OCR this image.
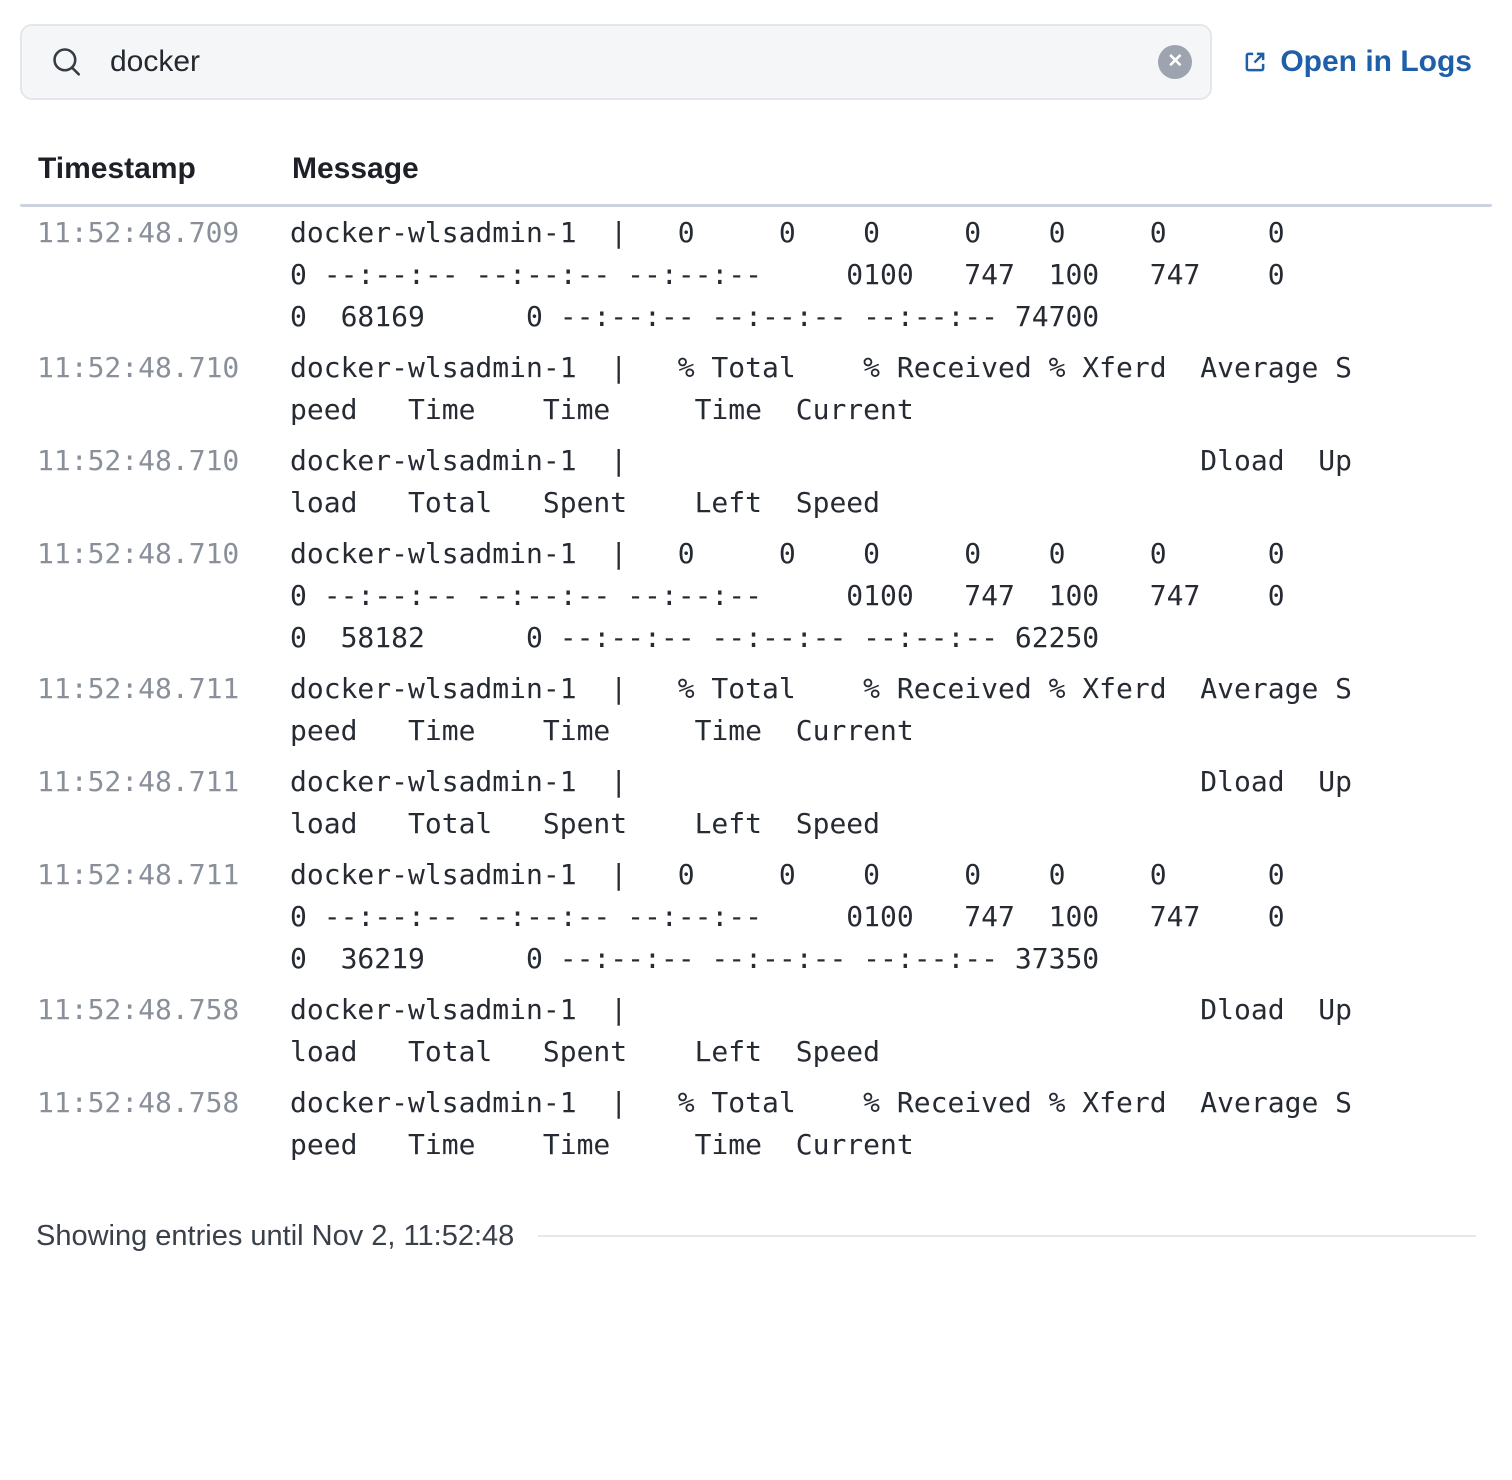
docker
✕	Open in Logs
Timestamp	Message
11:52:48.709	docker-wlsadmin-1  |   0     0    0     0    0     0      0
0 --:--:-- --:--:-- --:--:--     0100   747  100   747    0
0  68169      0 --:--:-- --:--:-- --:--:-- 74700
11:52:48.710	docker-wlsadmin-1  |   % Total    % Received % Xferd  Average S
peed   Time    Time     Time  Current
11:52:48.710	docker-wlsadmin-1  |                                  Dload  Up
load   Total   Spent    Left  Speed
11:52:48.710	docker-wlsadmin-1  |   0     0    0     0    0     0      0
0 --:--:-- --:--:-- --:--:--     0100   747  100   747    0
0  58182      0 --:--:-- --:--:-- --:--:-- 62250
11:52:48.711	docker-wlsadmin-1  |   % Total    % Received % Xferd  Average S
peed   Time    Time     Time  Current
11:52:48.711	docker-wlsadmin-1  |                                  Dload  Up
load   Total   Spent    Left  Speed
11:52:48.711	docker-wlsadmin-1  |   0     0    0     0    0     0      0
0 --:--:-- --:--:-- --:--:--     0100   747  100   747    0
0  36219      0 --:--:-- --:--:-- --:--:-- 37350
11:52:48.758	docker-wlsadmin-1  |                                  Dload  Up
load   Total   Spent    Left  Speed
11:52:48.758	docker-wlsadmin-1  |   % Total    % Received % Xferd  Average S
peed   Time    Time     Time  Current
Showing entries until Nov 2, 11:52:48
